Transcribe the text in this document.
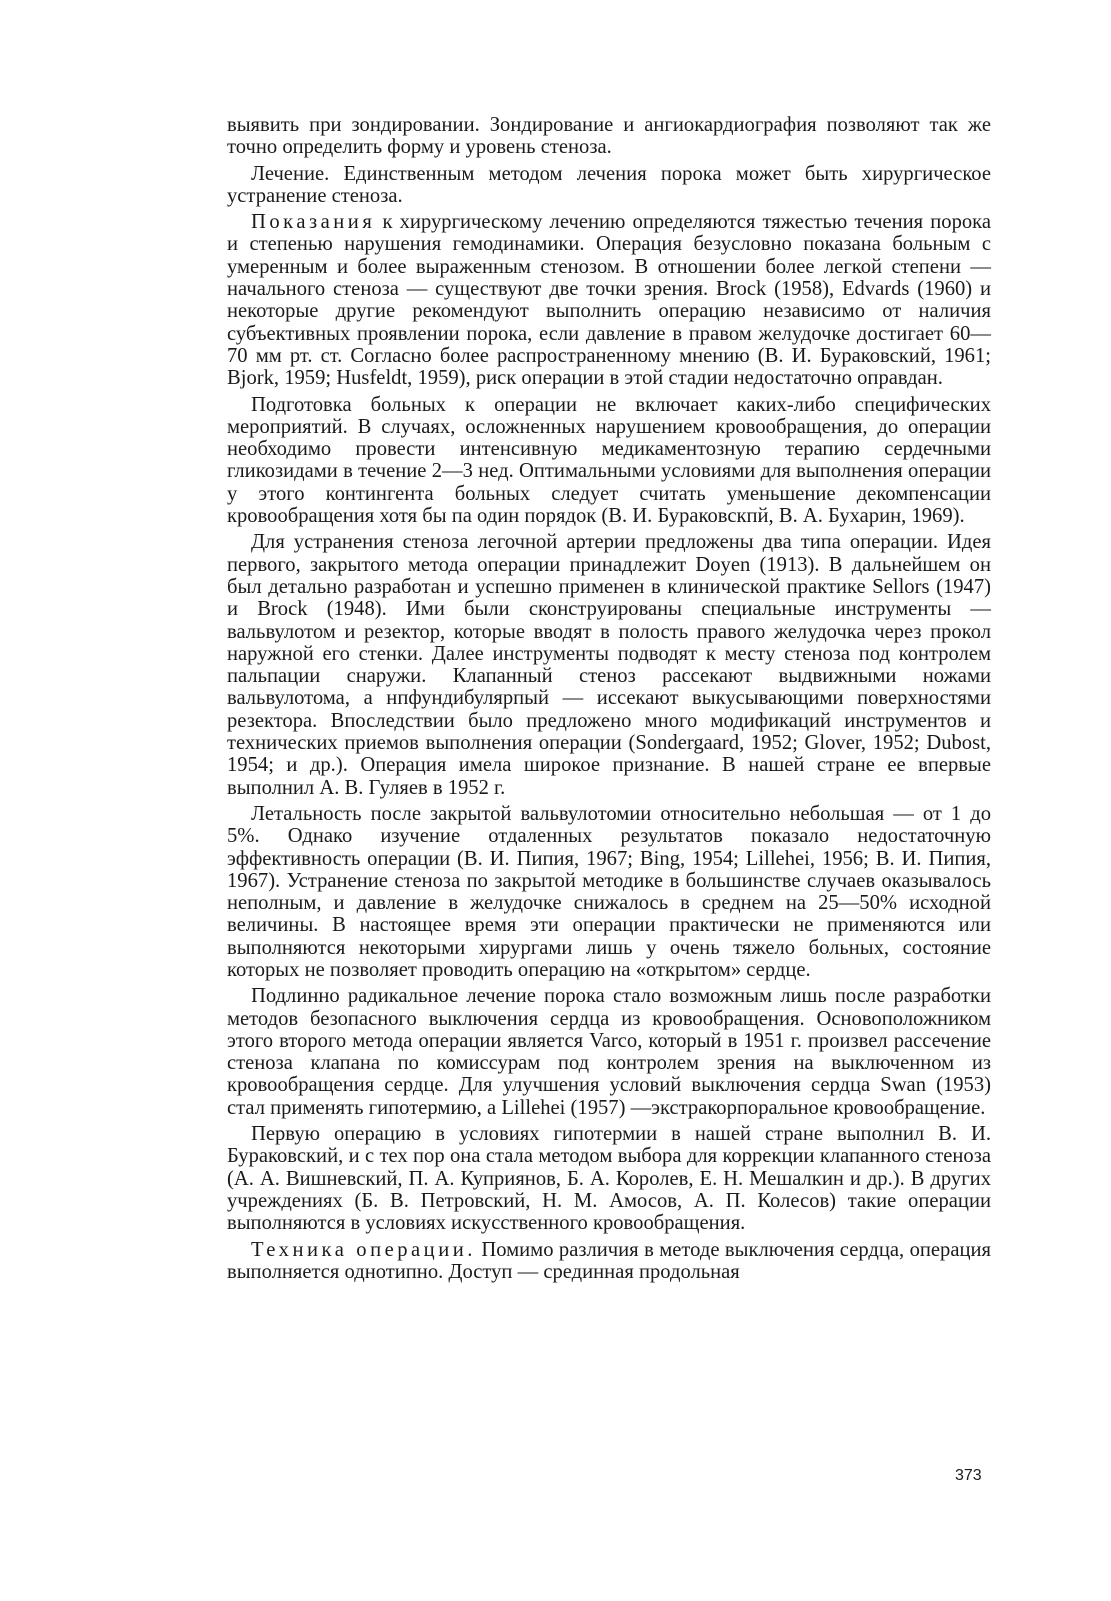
выявить при зондировании. Зондирование и ангиокардиография позволяют так же точно определить форму и уровень стеноза.

Лечение. Единственным методом лечения порока может быть хирургическое устранение стеноза.

Показания к хирургическому лечению определяются тяжестью течения порока и степенью нарушения гемодинамики. Операция безусловно показана больным с умеренным и более выраженным стенозом. В отношении более легкой степени — начального стеноза — существуют две точки зрения. Brock (1958), Edvards (1960) и некоторые другие рекомендуют выполнить операцию независимо от наличия субъективных проявлении порока, если давление в правом желудочке достигает 60—70 мм рт. ст. Согласно более распространенному мнению (В. И. Бураковский, 1961; Bjork, 1959; Husfeldt, 1959), риск операции в этой стадии недостаточно оправдан.

Подготовка больных к операции не включает каких-либо специфических мероприятий. В случаях, осложненных нарушением кровообращения, до операции необходимо провести интенсивную медикаментозную терапию сердечными гликозидами в течение 2—3 нед. Оптимальными условиями для выполнения операции у этого контингента больных следует считать уменьшение декомпенсации кровообращения хотя бы па один порядок (В. И. Бураковскпй, В. А. Бухарин, 1969).

Для устранения стеноза легочной артерии предложены два типа операции. Идея первого, закрытого метода операции принадлежит Doyen (1913). В дальнейшем он был детально разработан и успешно применен в клинической практике Sellors (1947) и Brock (1948). Ими были сконструированы специальные инструменты — вальвулотом и резектор, которые вводят в полость правого желудочка через прокол наружной его стенки. Далее инструменты подводят к месту стеноза под контролем пальпации снаружи. Клапанный стеноз рассекают выдвижными ножами вальвулотома, а нпфундибулярпый — иссекают выкусывающими поверхностями резектора. Впоследствии было предложено много модификаций инструментов и технических приемов выполнения операции (Sondergaard, 1952; Glover, 1952; Dubost, 1954; и др.). Операция имела широкое признание. В нашей стране ее впервые выполнил А. В. Гуляев в 1952 г.

Летальность после закрытой вальвулотомии относительно небольшая — от 1 до 5%. Однако изучение отдаленных результатов показало недостаточную эффективность операции (В. И. Пипия, 1967; Bing, 1954; Lillehei, 1956; В. И. Пипия, 1967). Устранение стеноза по закрытой методике в большинстве случаев оказывалось неполным, и давление в желудочке снижалось в среднем на 25—50% исходной величины. В настоящее время эти операции практически не применяются или выполняются некоторыми хирургами лишь у очень тяжело больных, состояние которых не позволяет проводить операцию на «открытом» сердце.

Подлинно радикальное лечение порока стало возможным лишь после разработки методов безопасного выключения сердца из кровообращения. Основоположником этого второго метода операции является Varco, который в 1951 г. произвел рассечение стеноза клапана по комиссурам под контролем зрения на выключенном из кровообращения сердце. Для улучшения условий выключения сердца Swan (1953) стал применять гипотермию, a Lillehei (1957) —экстракорпоральное кровообращение.

Первую операцию в условиях гипотермии в нашей стране выполнил В. И. Бураковский, и с тех пор она стала методом выбора для коррекции клапанного стеноза (А. А. Вишневский, П. А. Куприянов, Б. А. Королев, Е. Н. Мешалкин и др.). В других учреждениях (Б. В. Петровский, Н. М. Амосов, А. П. Колесов) такие операции выполняются в условиях искусственного кровообращения.

Техника операции. Помимо различия в методе выключения сердца, операция выполняется однотипно. Доступ — срединная продольная

373
